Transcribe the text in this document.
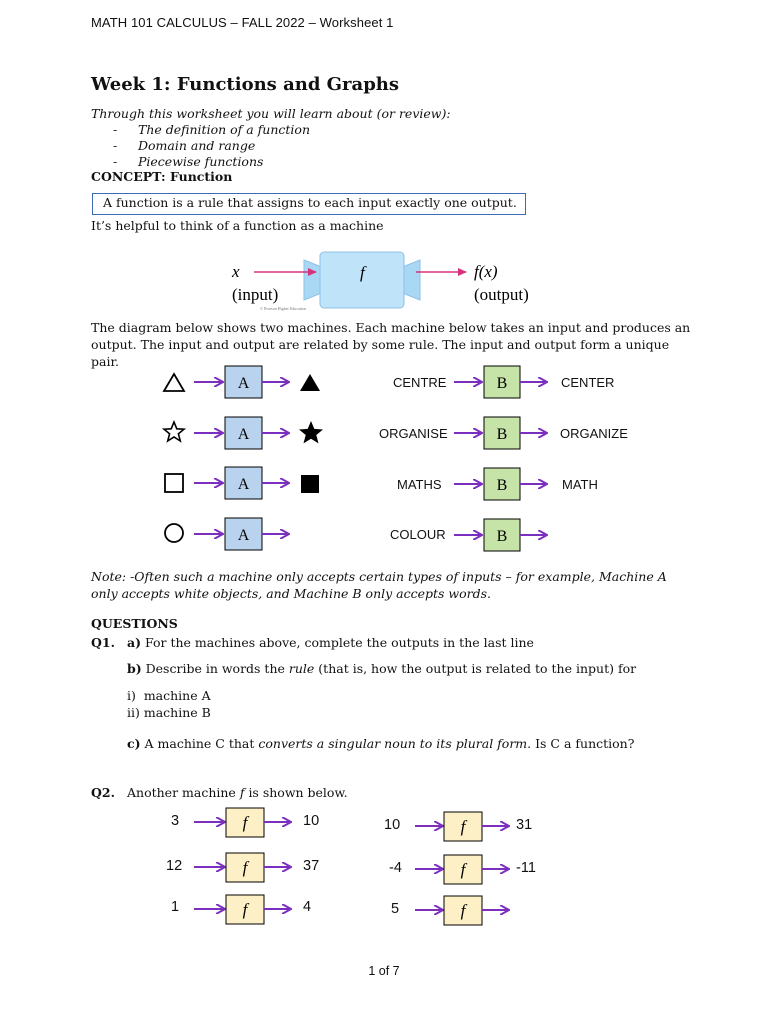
MATH 101 CALCULUS – FALL 2022 – Worksheet 1
Week 1: Functions and Graphs
Through this worksheet you will learn about (or review):
- The definition of a function
- Domain and range
- Piecewise functions
CONCEPT: Function
A function is a rule that assigns to each input exactly one output.
It’s helpful to think of a function as a machine
x
(input)
f	f(x)
(output)
© Pearson Higher Education
The diagram below shows two machines. Each machine below takes an input and produces an output. The input and output are related by some rule. The input and output form a unique pair.
A
A
A
A
B
B
B
B
CENTRE	CENTER
ORGANISE	ORGANIZE
MATHS	MATH
COLOUR
Note: -Often such a machine only accepts certain types of inputs – for example, Machine A only accepts white objects, and Machine B only accepts words.
QUESTIONS
Q1. a) For the machines above, complete the outputs in the last line
b) Describe in words the rule (that is, how the output is related to the input) for
i) machine A
ii) machine B
c) A machine C that converts a singular noun to its plural form. Is C a function?
Q2. Another machine f is shown below.
f
f
f
f
f
f
3	10
12	37
1	4
10	31
-4	-11
5
1 of 7
